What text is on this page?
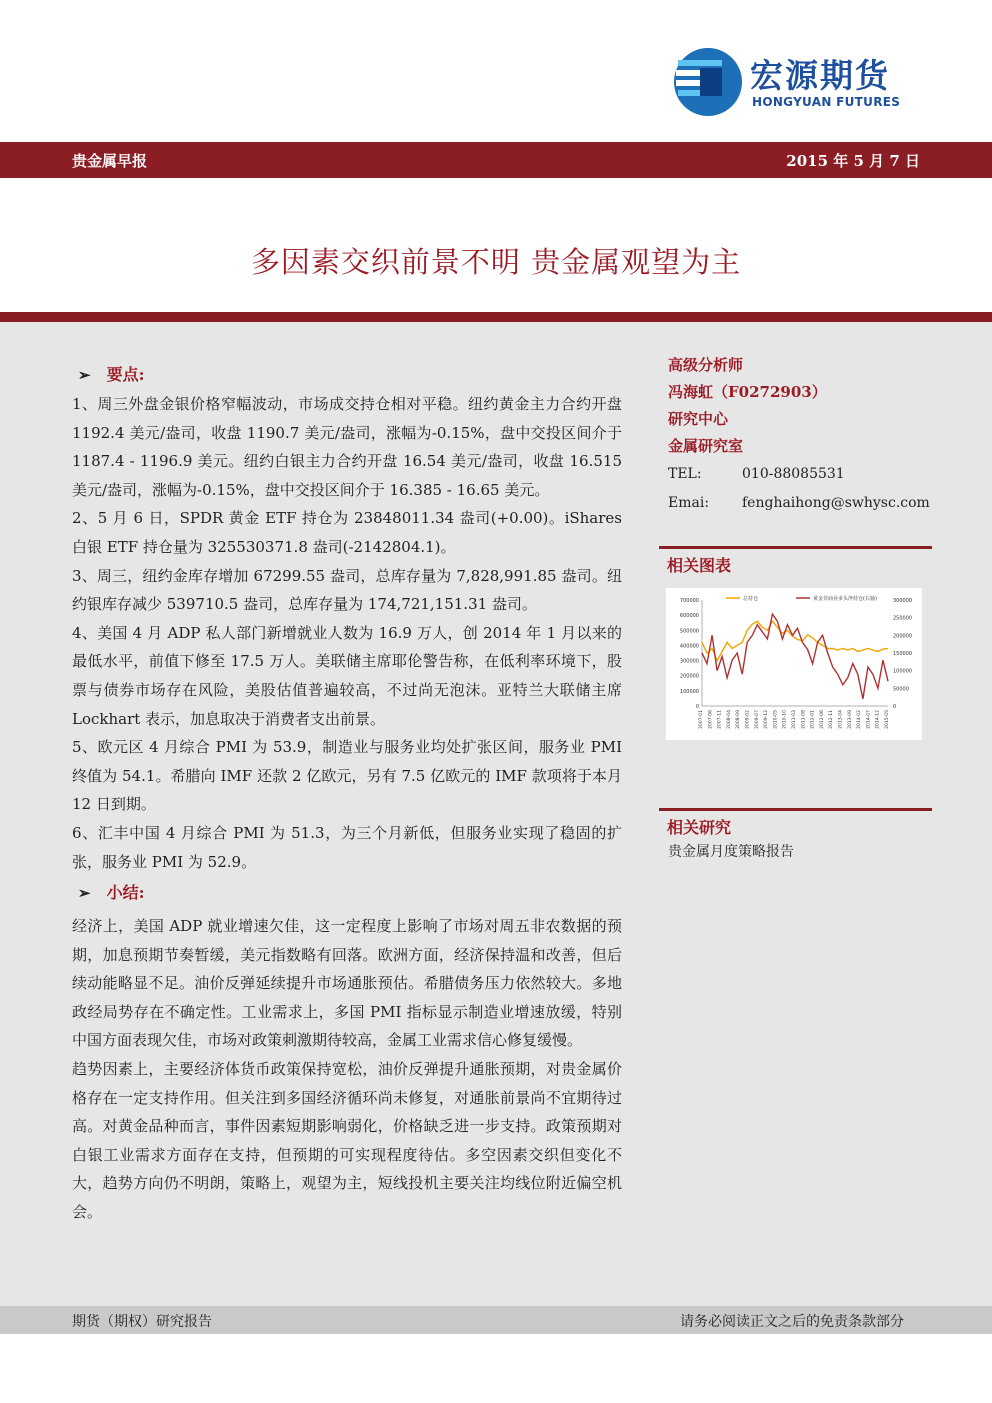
宏源期货
HONGYUAN FUTURES
贵金属早报	2015 年 5 月 7 日
多因素交织前景不明 贵金属观望为主
➢ 要点:

1、周三外盘金银价格窄幅波动，市场成交持仓相对平稳。纽约黄金主力合约开盘 1192.4 美元/盎司，收盘 1190.7 美元/盎司，涨幅为-0.15%，盘中交投区间介于 1187.4 - 1196.9 美元。纽约白银主力合约开盘 16.54 美元/盎司，收盘 16.515 美元/盎司，涨幅为-0.15%，盘中交投区间介于 16.385 - 16.65 美元。

2、5 月 6 日，SPDR 黄金 ETF 持仓为 23848011.34 盎司(+0.00)。iShares 白银 ETF 持仓量为 325530371.8 盎司(-2142804.1)。

3、周三，纽约金库存增加 67299.55 盎司，总库存量为 7,828,991.85 盎司。纽约银库存减少 539710.5 盎司，总库存量为 174,721,151.31 盎司。

4、美国 4 月 ADP 私人部门新增就业人数为 16.9 万人，创 2014 年 1 月以来的最低水平，前值下修至 17.5 万人。美联储主席耶伦警告称，在低利率环境下，股票与债券市场存在风险，美股估值普遍较高，不过尚无泡沫。亚特兰大联储主席 Lockhart 表示，加息取决于消费者支出前景。

5、欧元区 4 月综合 PMI 为 53.9，制造业与服务业均处扩张区间，服务业 PMI 终值为 54.1。希腊向 IMF 还款 2 亿欧元，另有 7.5 亿欧元的 IMF 款项将于本月 12 日到期。

6、汇丰中国 4 月综合 PMI 为 51.3，为三个月新低，但服务业实现了稳固的扩张，服务业 PMI 为 52.9。

➢ 小结:

经济上，美国 ADP 就业增速欠佳，这一定程度上影响了市场对周五非农数据的预期，加息预期节奏暂缓，美元指数略有回落。欧洲方面，经济保持温和改善，但后续动能略显不足。油价反弹延续提升市场通胀预估。希腊债务压力依然较大。多地政经局势存在不确定性。工业需求上，多国 PMI 指标显示制造业增速放缓，特别中国方面表现欠佳，市场对政策刺激期待较高，金属工业需求信心修复缓慢。

趋势因素上，主要经济体货币政策保持宽松，油价反弹提升通胀预期，对贵金属价格存在一定支持作用。但关注到多国经济循环尚未修复，对通胀前景尚不宜期待过高。对黄金品种而言，事件因素短期影响弱化，价格缺乏进一步支持。政策预期对白银工业需求方面存在支持，但预期的可实现程度待估。多空因素交织但变化不大，趋势方向仍不明朗，策略上，观望为主，短线投机主要关注均线位附近偏空机会。

高级分析师
冯海虹（F0272903）
研究中心
金属研究室
TEL:	010-88085531
Emai:	fenghaihong@swhysc.com
相关图表
700000
600000
500000
400000
300000
200000
100000
0
300000
250000
200000
150000
100000
50000
0
2007-01 2007-06 2007-11 2008-04 2008-09 2009-02 2009-07 2009-12 2010-05 2010-10 2011-03 2011-08 2012-01 2012-06 2012-11 2013-04 2013-09 2014-02 2014-07 2014-12 2015-05
总持仓	黄金非商业多头净持仓(右轴)
相关研究
贵金属月度策略报告
期货（期权）研究报告	请务必阅读正文之后的免责条款部分
